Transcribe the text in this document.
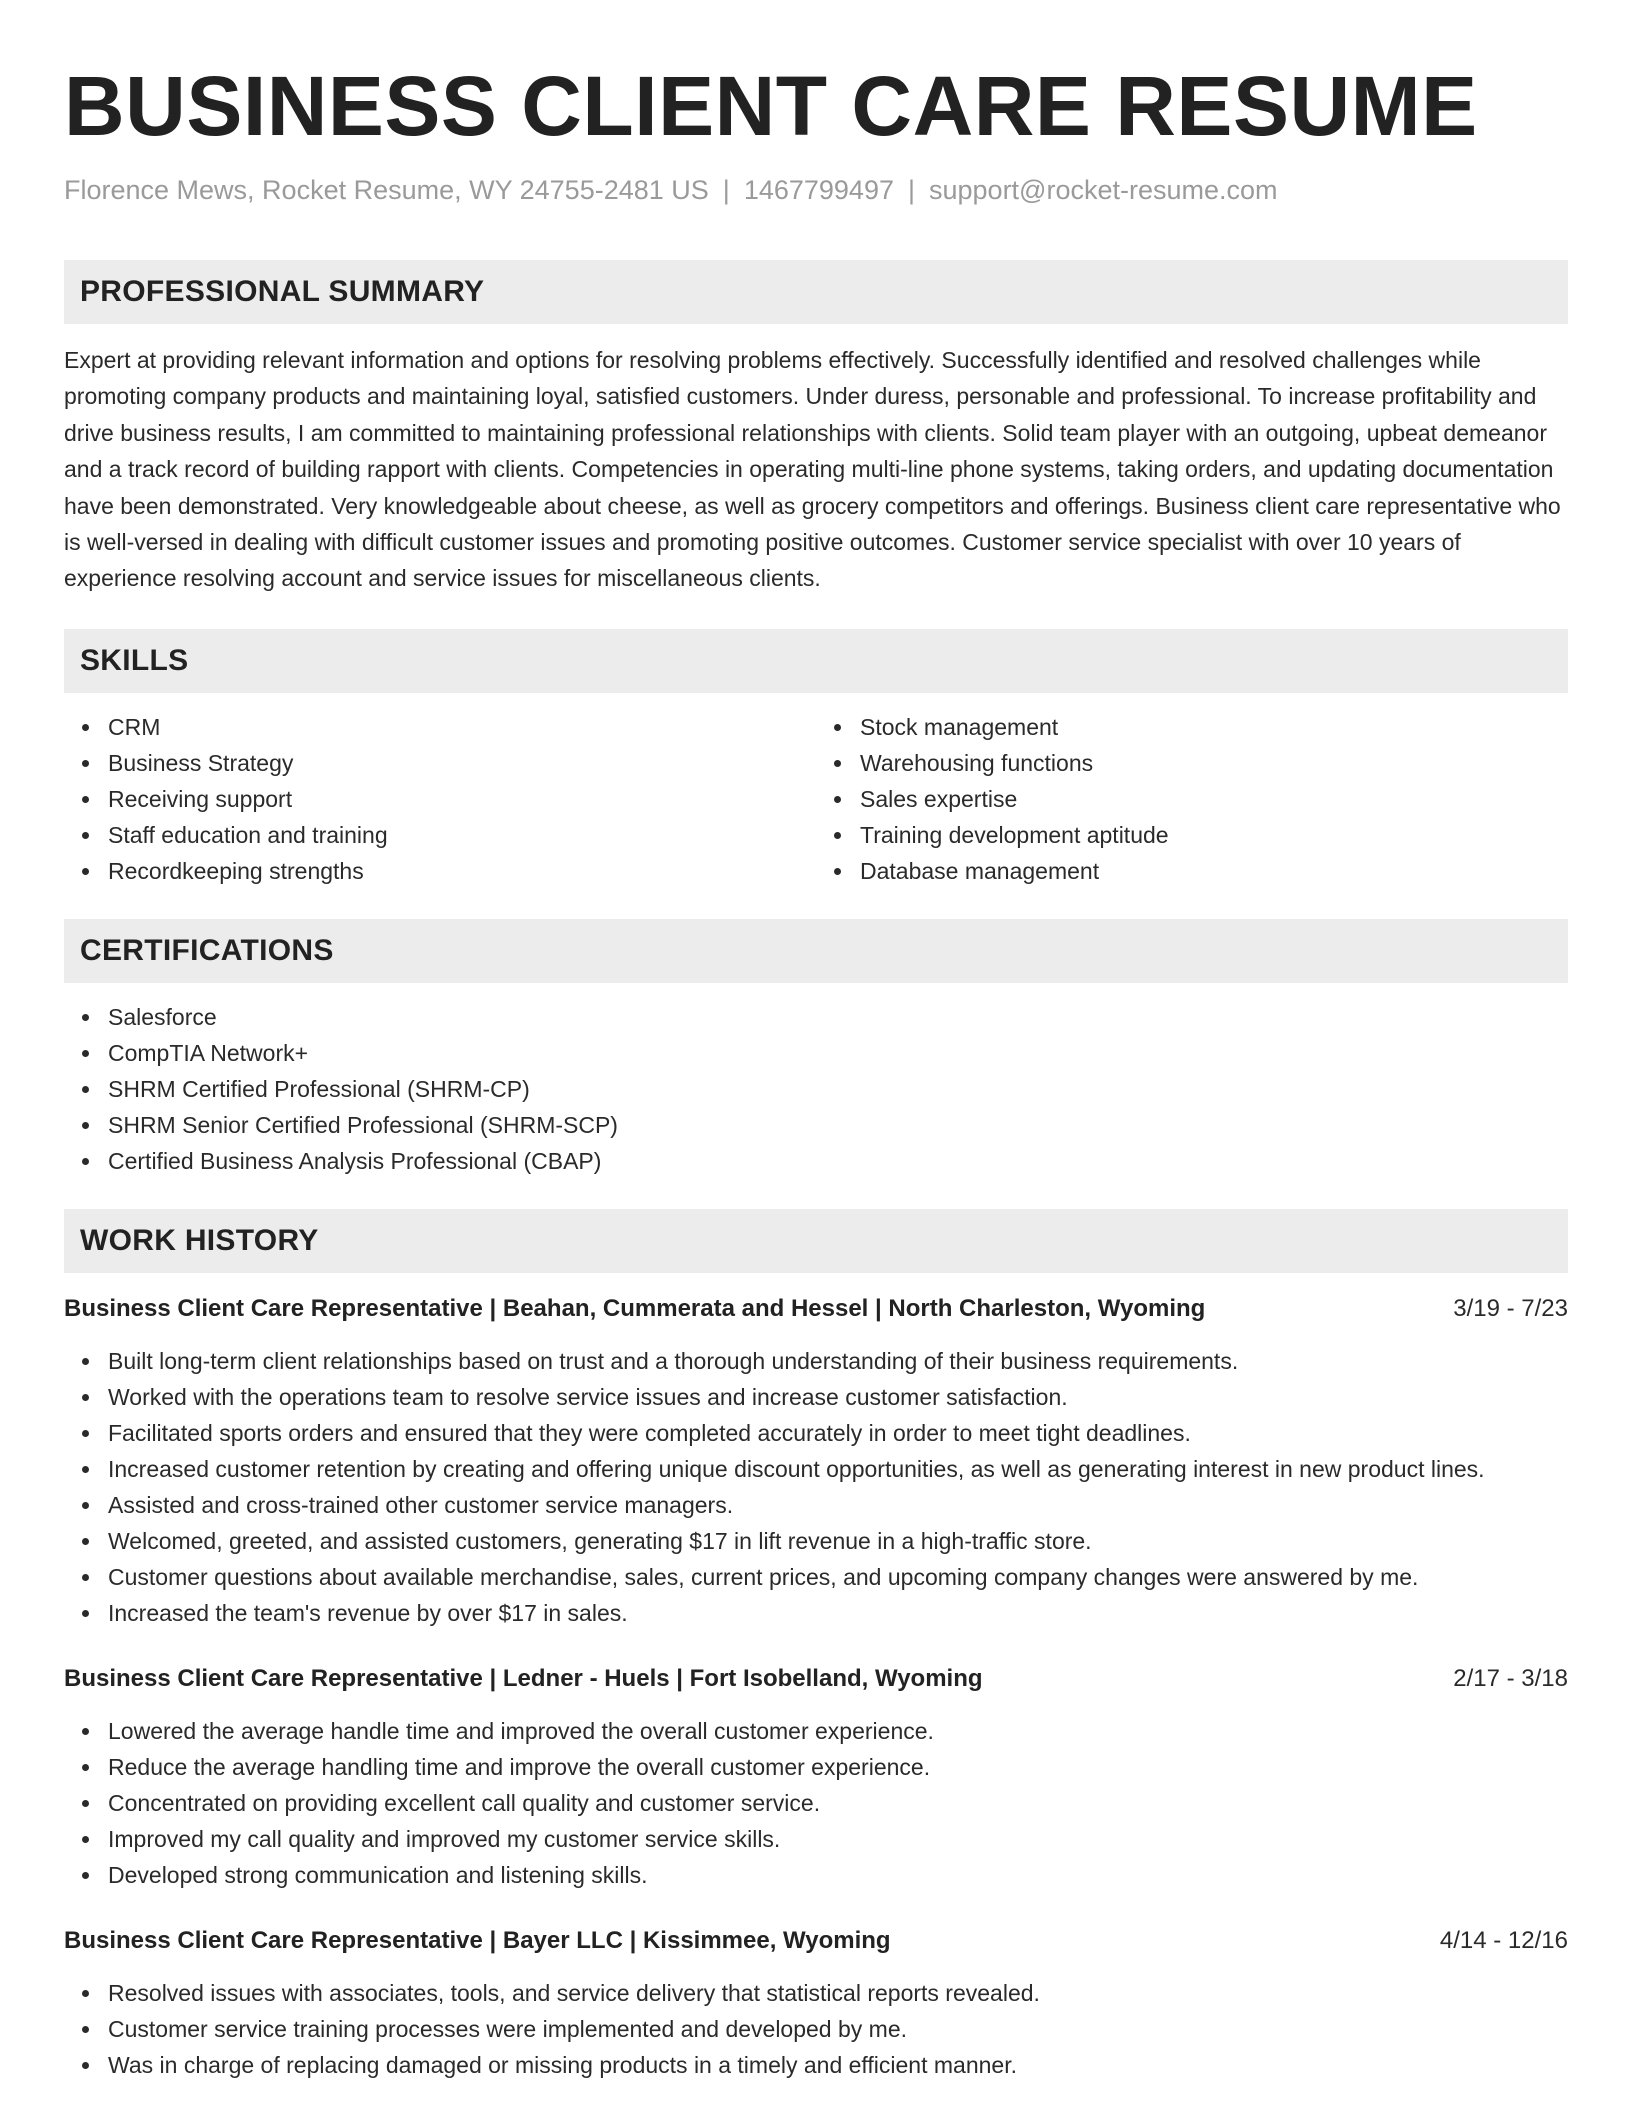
BUSINESS CLIENT CARE RESUME
Florence Mews, Rocket Resume, WY 24755-2481 US | 1467799497 | support@rocket-resume.com
PROFESSIONAL SUMMARY

Expert at providing relevant information and options for resolving problems effectively. Successfully identified and resolved challenges while promoting company products and maintaining loyal, satisfied customers. Under duress, personable and professional. To increase profitability and drive business results, I am committed to maintaining professional relationships with clients. Solid team player with an outgoing, upbeat demeanor and a track record of building rapport with clients. Competencies in operating multi-line phone systems, taking orders, and updating documentation have been demonstrated. Very knowledgeable about cheese, as well as grocery competitors and offerings. Business client care representative who is well-versed in dealing with difficult customer issues and promoting positive outcomes. Customer service specialist with over 10 years of experience resolving account and service issues for miscellaneous clients.

SKILLS
CRM
Business Strategy
Receiving support
Staff education and training
Recordkeeping strengths
Stock management
Warehousing functions
Sales expertise
Training development aptitude
Database management
CERTIFICATIONS
Salesforce
CompTIA Network+
SHRM Certified Professional (SHRM-CP)
SHRM Senior Certified Professional (SHRM-SCP)
Certified Business Analysis Professional (CBAP)
WORK HISTORY
Business Client Care Representative | Beahan, Cummerata and Hessel | North Charleston, Wyoming	3/19 - 7/23
Built long-term client relationships based on trust and a thorough understanding of their business requirements.
Worked with the operations team to resolve service issues and increase customer satisfaction.
Facilitated sports orders and ensured that they were completed accurately in order to meet tight deadlines.
Increased customer retention by creating and offering unique discount opportunities, as well as generating interest in new product lines.
Assisted and cross-trained other customer service managers.
Welcomed, greeted, and assisted customers, generating $17 in lift revenue in a high-traffic store.
Customer questions about available merchandise, sales, current prices, and upcoming company changes were answered by me.
Increased the team's revenue by over $17 in sales.
Business Client Care Representative | Ledner - Huels | Fort Isobelland, Wyoming	2/17 - 3/18
Lowered the average handle time and improved the overall customer experience.
Reduce the average handling time and improve the overall customer experience.
Concentrated on providing excellent call quality and customer service.
Improved my call quality and improved my customer service skills.
Developed strong communication and listening skills.
Business Client Care Representative | Bayer LLC | Kissimmee, Wyoming	4/14 - 12/16
Resolved issues with associates, tools, and service delivery that statistical reports revealed.
Customer service training processes were implemented and developed by me.
Was in charge of replacing damaged or missing products in a timely and efficient manner.
